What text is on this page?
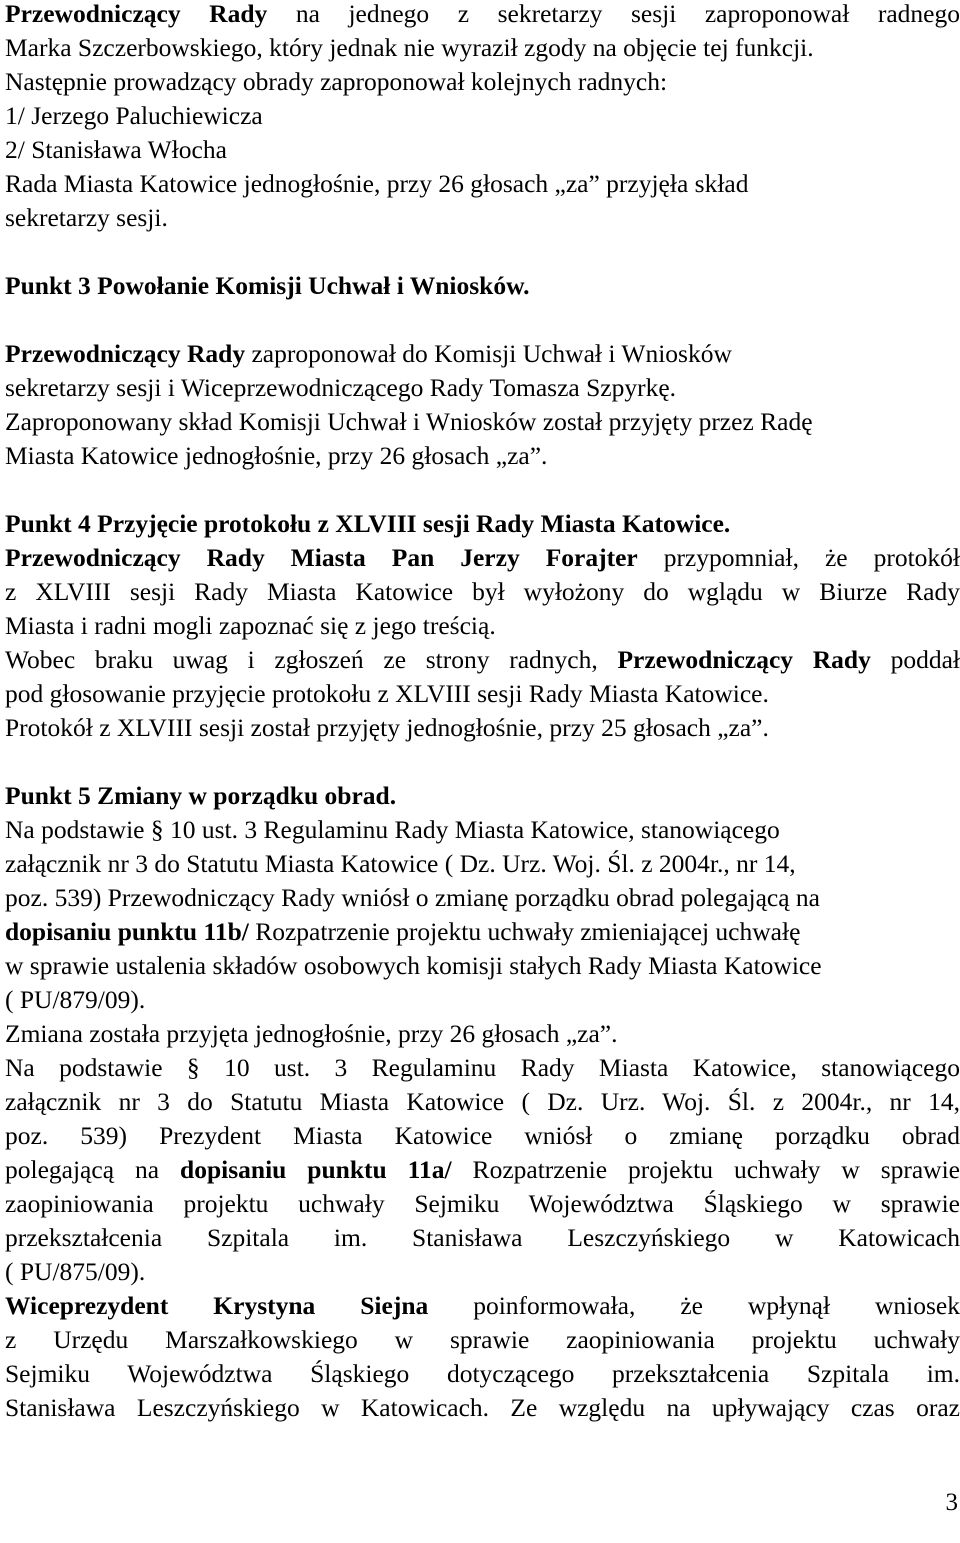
Przewodniczący Rady na jednego z sekretarzy sesji zaproponował radnego

Marka Szczerbowskiego, który jednak nie wyraził zgody na objęcie tej funkcji.

Następnie prowadzący obrady zaproponował kolejnych radnych:

1/ Jerzego Paluchiewicza

2/ Stanisława Włocha

Rada Miasta Katowice jednogłośnie, przy 26 głosach „za” przyjęła skład

sekretarzy sesji.

Punkt 3 Powołanie Komisji Uchwał i Wniosków.

Przewodniczący Rady zaproponował do Komisji Uchwał i Wniosków

sekretarzy sesji i Wiceprzewodniczącego Rady Tomasza Szpyrkę.

Zaproponowany skład Komisji Uchwał i Wniosków został przyjęty przez Radę

Miasta Katowice jednogłośnie, przy 26 głosach „za”.

Punkt 4 Przyjęcie protokołu z XLVIII sesji Rady Miasta Katowice.

Przewodniczący Rady Miasta Pan Jerzy Forajter przypomniał, że protokół

z XLVIII sesji Rady Miasta Katowice był wyłożony do wglądu w Biurze Rady

Miasta i radni mogli zapoznać się z jego treścią.

Wobec braku uwag i zgłoszeń ze strony radnych, Przewodniczący Rady poddał

pod głosowanie przyjęcie protokołu z XLVIII sesji Rady Miasta Katowice.

Protokół z XLVIII sesji został przyjęty jednogłośnie, przy 25 głosach „za”.

Punkt 5 Zmiany w porządku obrad.

Na podstawie § 10 ust. 3 Regulaminu Rady Miasta Katowice, stanowiącego

załącznik nr 3 do Statutu Miasta Katowice ( Dz. Urz. Woj. Śl. z 2004r., nr 14,

poz. 539) Przewodniczący Rady wniósł o zmianę porządku obrad polegającą na

dopisaniu punktu 11b/ Rozpatrzenie projektu uchwały zmieniającej uchwałę

w sprawie ustalenia składów osobowych komisji stałych Rady Miasta Katowice

( PU/879/09).

Zmiana została przyjęta jednogłośnie, przy 26 głosach „za”.

Na podstawie § 10 ust. 3 Regulaminu Rady Miasta Katowice, stanowiącego

załącznik nr 3 do Statutu Miasta Katowice ( Dz. Urz. Woj. Śl. z 2004r., nr 14,

poz. 539) Prezydent Miasta Katowice wniósł o zmianę porządku obrad

polegającą na dopisaniu punktu 11a/ Rozpatrzenie projektu uchwały w sprawie

zaopiniowania projektu uchwały Sejmiku Województwa Śląskiego w sprawie

przekształcenia Szpitala im. Stanisława Leszczyńskiego w Katowicach

( PU/875/09).

Wiceprezydent Krystyna Siejna poinformowała, że wpłynął wniosek

z Urzędu Marszałkowskiego w sprawie zaopiniowania projektu uchwały

Sejmiku Województwa Śląskiego dotyczącego przekształcenia Szpitala im.

Stanisława Leszczyńskiego w Katowicach. Ze względu na upływający czas oraz

3
